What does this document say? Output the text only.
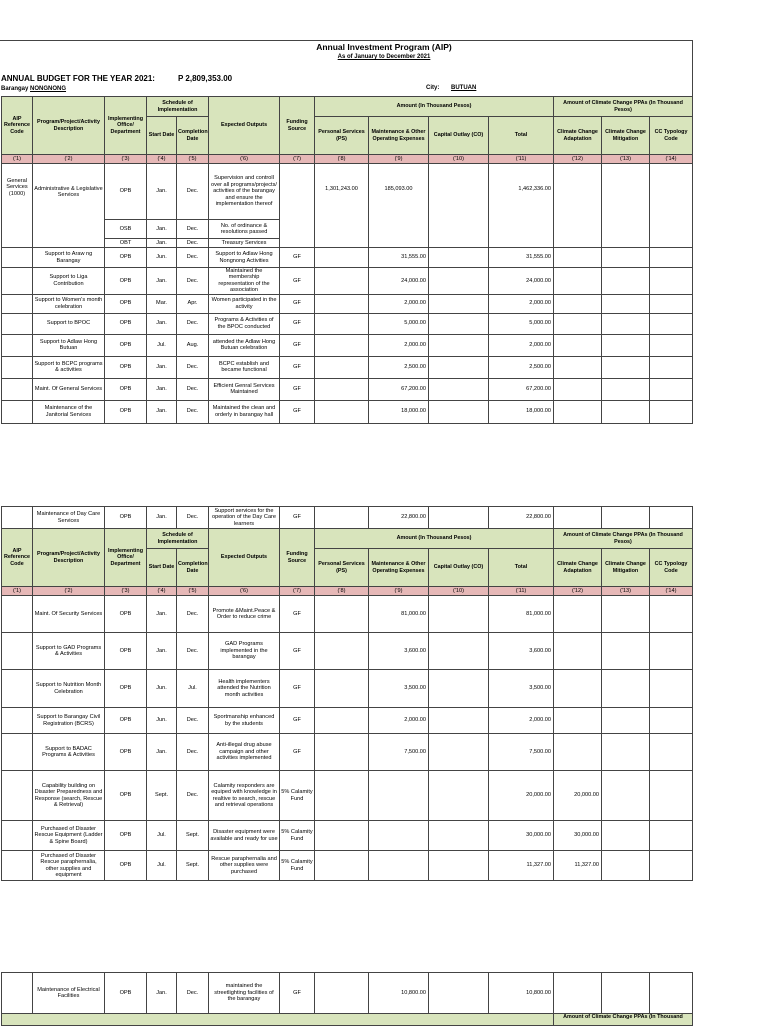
Annual Investment Program (AIP)
As of January to December 2021
ANNUAL BUDGET FOR THE YEAR 2021:	P 2,809,353.00
Barangay NONGNONG	City: BUTUAN
AIP Reference Code	Program/Project/Activity Description	Implementing Office/ Department	Schedule of Implementation		Expected Outputs	Funding Source	Amount (In Thousand Pesos)				Amount of Climate Change PPAs (In Thousand Pesos)		
			Start Date	Completion Date			Personal Services (PS)	Maintenance & Other Operating Expenses	Capital Outlay (CO)	Total	Climate Change Adaptation	Climate Change Mitigation	CC Typology Code
('1)	('2)	('3)	('4)	('5)	('6)	('7)	('8)	('9)	('10)	('11)	('12)	('13)	('14)
General Services (1000)	Administrative & Legislative Services	OPB	Jan.	Dec.	Supervision and controll over all programs/projects/ activities of the barangay and ensure the implementation thereof		1,301,243.00	185,093.00		1,462,336.00			
		OSB	Jan.	Dec.	No. of ordinance & resolutions passed								
		OBT	Jan.	Dec.	Treasury Services								
	Support to Araw ng Barangay	OPB	Jun.	Dec.	Support to Adlaw Hong Nongnong Activities	GF		31,555.00		31,555.00			
	Support to Liga Contribution	OPB	Jan.	Dec.	Maintained the membership representation of the association	GF		24,000.00		24,000.00			
	Support to Women's month celebration	OPB	Mar.	Apr.	Women participated in the activity	GF		2,000.00		2,000.00			
	Support to BPOC	OPB	Jan.	Dec.	Programs & Activities of the BPOC conducted	GF		5,000.00		5,000.00			
	Support to Adlaw Hong Butuan	OPB	Jul.	Aug.	attended the Adlaw Hong Butuan celebration	GF		2,000.00		2,000.00			
	Support to BCPC programs & activities	OPB	Jan.	Dec.	BCPC establish and became functional	GF		2,500.00		2,500.00			
	Maint. Of General Services	OPB	Jan.	Dec.	Efficient Genral Services Maintained	GF		67,200.00		67,200.00			
	Maintenance of the Janitorial Services	OPB	Jan.	Dec.	Maintained the clean and orderly in barangay hall	GF		18,000.00		18,000.00			
	Maintenance of Day Care Services	OPB	Jan.	Dec.	Support services for the operation of the Day Care learners	GF		22,800.00		22,800.00			
AIP Reference Code	Program/Project/Activity Description	Implementing Office/ Department	Schedule of Implementation		Expected Outputs	Funding Source	Amount (In Thousand Pesos)				Amount of Climate Change PPAs (In Thousand Pesos)		
			Start Date	Completion Date			Personal Services (PS)	Maintenance & Other Operating Expenses	Capital Outlay (CO)	Total	Climate Change Adaptation	Climate Change Mitigation	CC Typology Code
('1)	('2)	('3)	('4)	('5)	('6)	('7)	('8)	('9)	('10)	('11)	('12)	('13)	('14)
	Maint. Of Security Services	OPB	Jan.	Dec.	Promote &Maint.Peace & Order to reduce crime	GF		81,000.00		81,000.00			
	Support to GAD Programs & Activities	OPB	Jan.	Dec.	GAD Programs implemented in the barangay	GF		3,600.00		3,600.00			
	Support to Nutrition Month Celebration	OPB	Jun.	Jul.	Health implementers attended the Nutrition month activities	GF		3,500.00		3,500.00			
	Support to Barangay Civil Registration (BCRS)	OPB	Jun.	Dec.	Sportmanship enhanced by the students	GF		2,000.00		2,000.00			
	Support to BADAC Programs & Activities	OPB	Jan.	Dec.	Anti-illegal drug abuse campaign and other activities implemented	GF		7,500.00		7,500.00			
	Capability building on Disaster Preparedness and Response (search, Rescue & Retrieval)	OPB	Sept.	Dec.	Calamity responders are equiped with knowledge in realtive to search, rescue and retrieval operations	5% Calamity Fund				20,000.00	20,000.00		
	Purchased of Disaster Rescue Equipment (Ladder & Spine Board)	OPB	Jul.	Sept.	Disaster equipment were available and ready for use	5% Calamity Fund				30,000.00	30,000.00		
	Purchased of Disaster Rescue paraphernalia, other supplies and equipment	OPB	Jul.	Sept.	Rescue paraphernalia and other supplies were purchased	5% Calamity Fund				11,327.00	11,327.00		
	Maintenance of Electrical Facilities	OPB	Jan.	Dec.	maintained the streetlighting facilities of the barangay	GF		10,800.00		10,800.00			
											Amount of Climate Change PPAs (In Thousand		
